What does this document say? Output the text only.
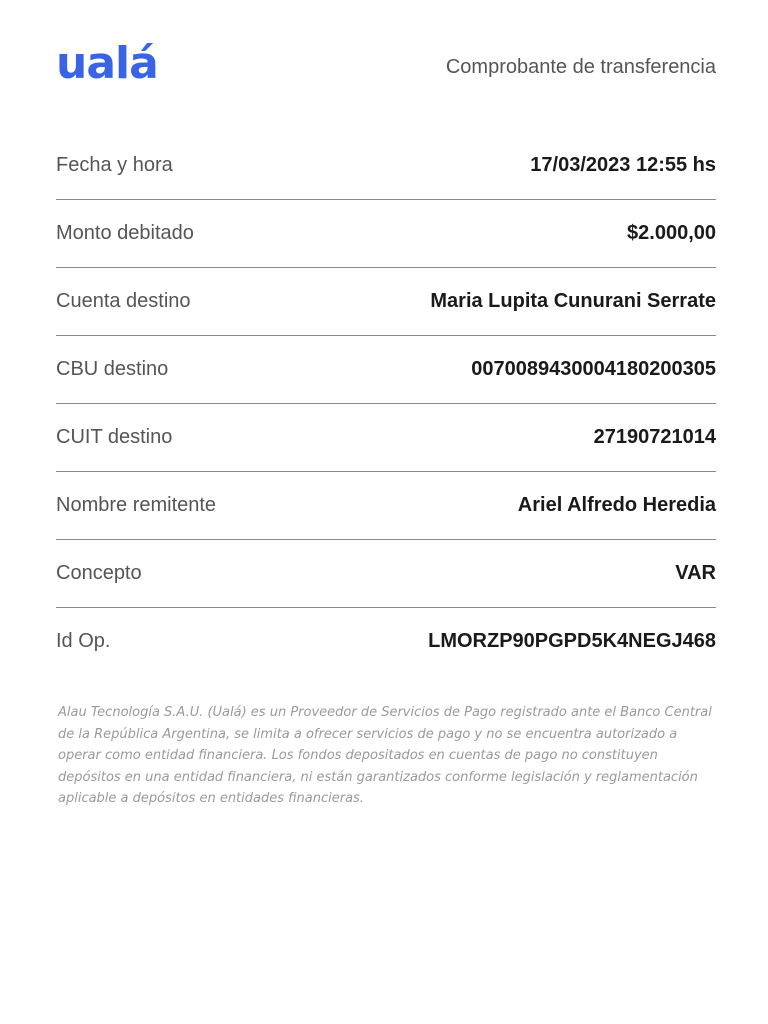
ualá	Comprobante de transferencia
Fecha y hora	17/03/2023 12:55 hs
Monto debitado	$2.000,00
Cuenta destino	Maria Lupita Cunurani Serrate
CBU destino	0070089430004180200305
CUIT destino	27190721014
Nombre remitente	Ariel Alfredo Heredia
Concepto	VAR
Id Op.	LMORZP90PGPD5K4NEGJ468
Alau Tecnología S.A.U. (Ualá) es un Proveedor de Servicios de Pago registrado ante el Banco Central de la República Argentina, se limita a ofrecer servicios de pago y no se encuentra autorizado a operar como entidad financiera. Los fondos depositados en cuentas de pago no constituyen depósitos en una entidad financiera, ni están garantizados conforme legislación y reglamentación aplicable a depósitos en entidades financieras.
